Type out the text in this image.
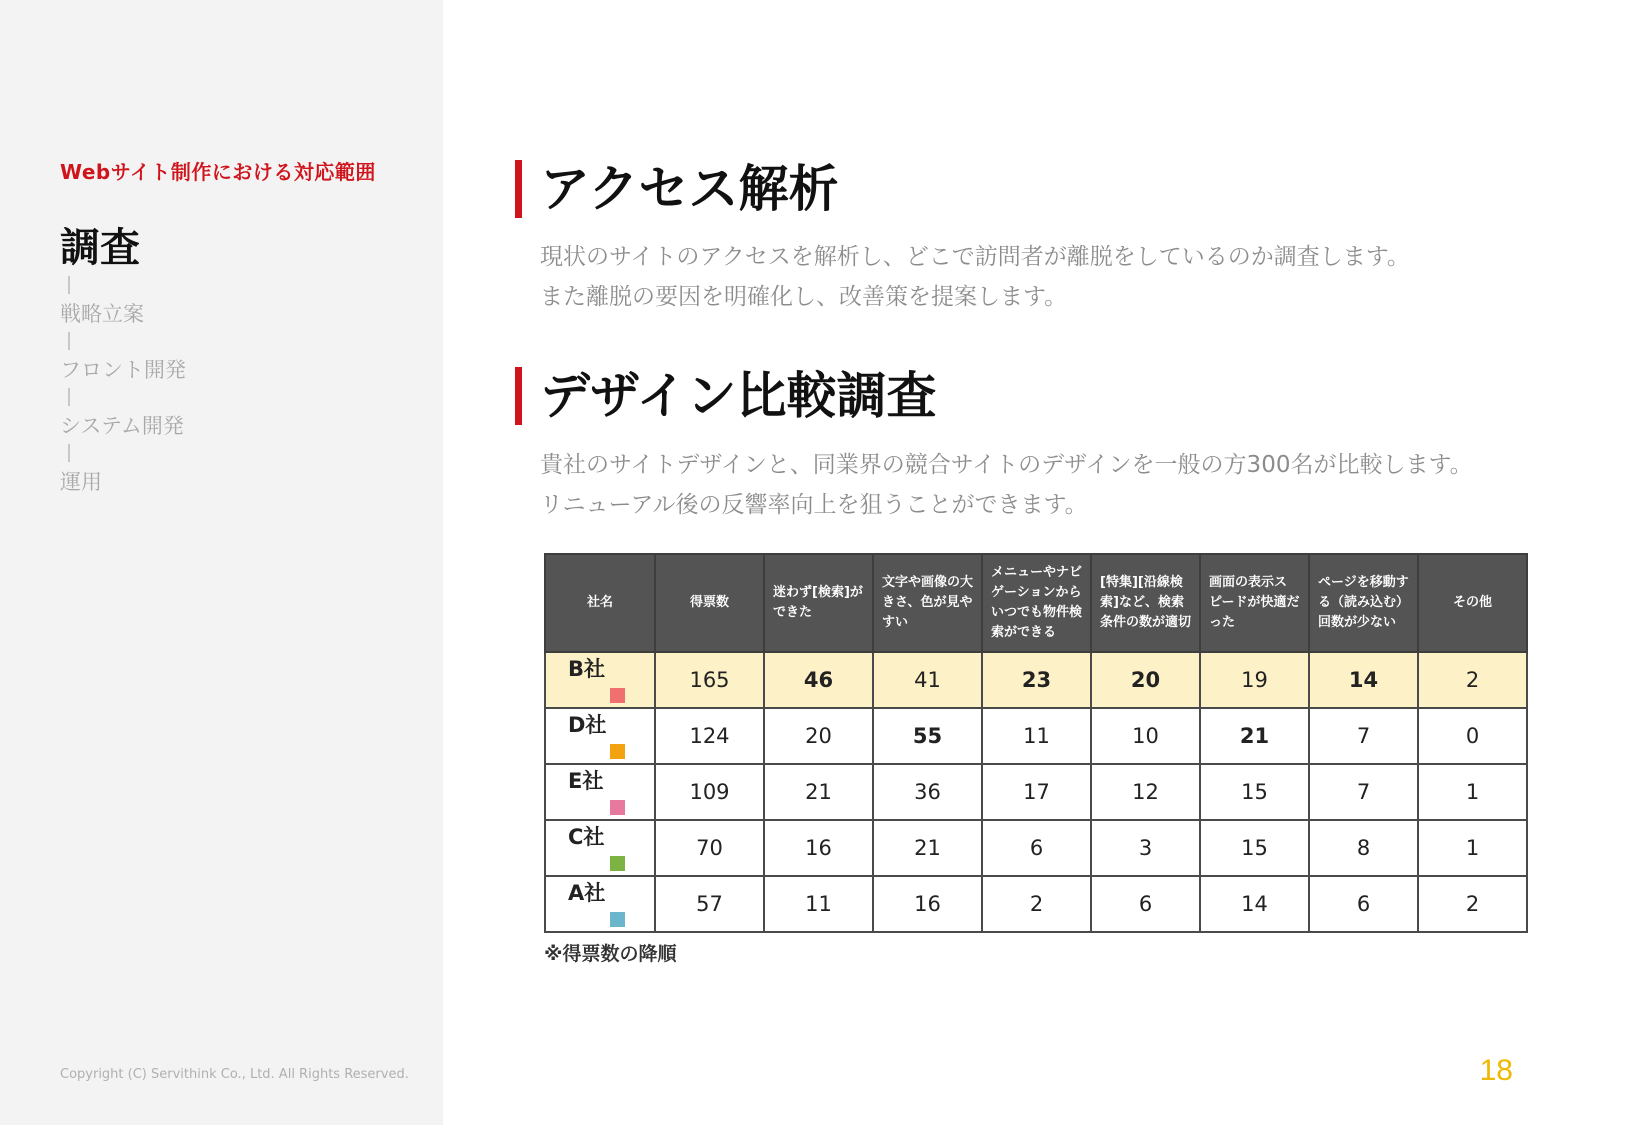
Webサイト制作における対応範囲
調査
戦略立案
フロント開発
システム開発
運用
Copyright (C) Servithink Co., Ltd. All Rights Reserved.
アクセス解析
現状のサイトのアクセスを解析し、どこで訪問者が離脱をしているのか調査します。
また離脱の要因を明確化し、改善策を提案します。
デザイン比較調査
貴社のサイトデザインと、同業界の競合サイトのデザインを一般の方300名が比較します。
リニューアル後の反響率向上を狙うことができます。
社名	得票数	迷わず[検索]ができた	文字や画像の大きさ、色が見やすい	メニューやナビゲーションからいつでも物件検索ができる	[特集][沿線検索]など、検索条件の数が適切	画面の表示スピードが快適だった	ページを移動する（読み込む）回数が少ない	その他
B社	165	46	41	23	20	19	14	2
D社	124	20	55	11	10	21	7	0
E社	109	21	36	17	12	15	7	1
C社	70	16	21	6	3	15	8	1
A社	57	11	16	2	6	14	6	2
※得票数の降順
18
